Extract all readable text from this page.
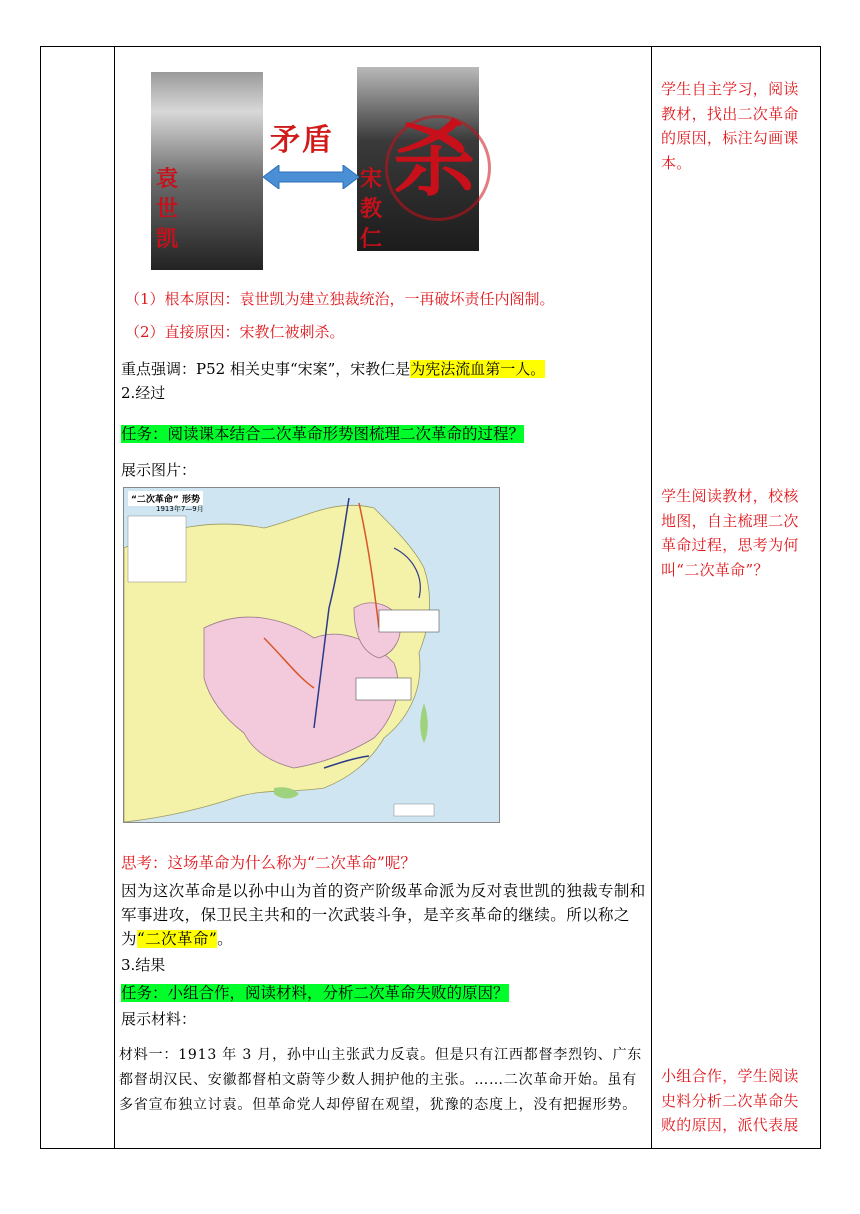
袁世凯
宋教仁
矛盾 杀
（1）根本原因：袁世凯为建立独裁统治，一再破坏责任内阁制。
（2）直接原因：宋教仁被刺杀。
重点强调：P52 相关史事“宋案”，宋教仁是为宪法流血第一人。
2.经过
任务：阅读课本结合二次革命形势图梳理二次革命的过程？
展示图片：
“二次革命” 形势
1913年7—9月
思考：这场革命为什么称为“二次革命”呢？
因为这次革命是以孙中山为首的资产阶级革命派为反对袁世凯的独裁专制和军事进攻，保卫民主共和的一次武装斗争，是辛亥革命的继续。所以称之为“二次革命”。
3.结果
任务：小组合作，阅读材料，分析二次革命失败的原因？
展示材料：
材料一：1913 年 3 月，孙中山主张武力反袁。但是只有江西都督李烈钧、广东都督胡汉民、安徽都督柏文蔚等少数人拥护他的主张。……二次革命开始。虽有多省宣布独立讨袁。但革命党人却停留在观望，犹豫的态度上，没有把握形势。
学生自主学习，阅读教材，找出二次革命的原因，标注勾画课本。
学生阅读教材，校核地图，自主梳理二次革命过程，思考为何叫“二次革命”？
小组合作，学生阅读史料分析二次革命失败的原因，派代表展
